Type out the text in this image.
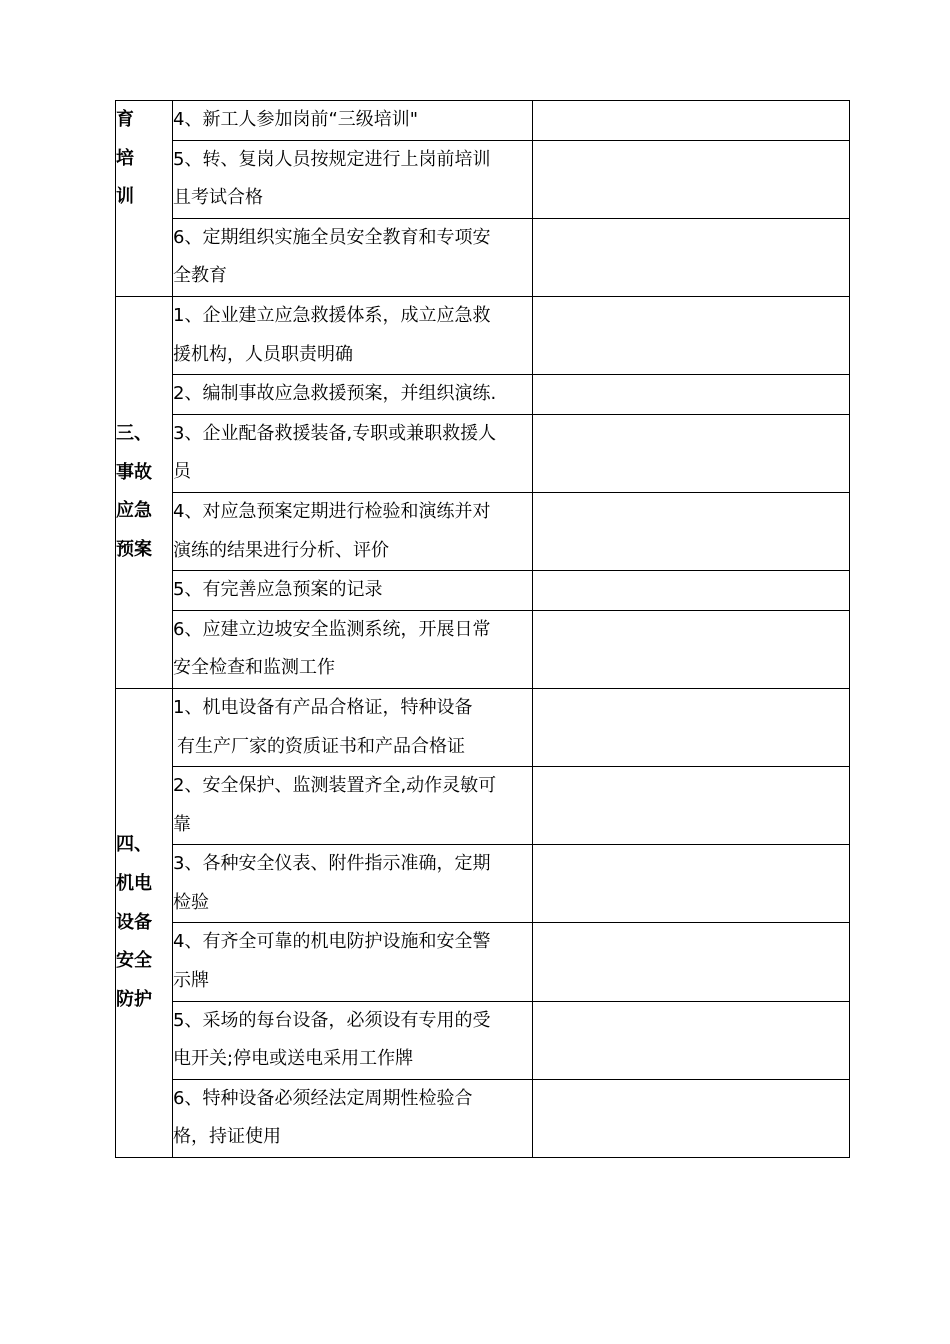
育
培
训	4、新工人参加岗前“三级培训"	

	5、转、复岗人员按规定进行上岗前培训
且考试合格	

	6、定期组织实施全员安全教育和专项安
全教育	

三、
事故
应急
预案	1、企业建立应急救援体系，成立应急救
援机构，人员职责明确	

	2、编制事故应急救援预案，并组织演练.	

	3、企业配备救援装备,专职或兼职救援人
员	

	4、对应急预案定期进行检验和演练并对
演练的结果进行分析、评价	

	5、有完善应急预案的记录	

	6、应建立边坡安全监测系统，开展日常
安全检查和监测工作	

四、
机电
设备
安全
防护	1、机电设备有产品合格证，特种设备
有生产厂家的资质证书和产品合格证	

	2、安全保护、监测装置齐全,动作灵敏可
靠	

	3、各种安全仪表、附件指示准确，定期
检验	

	4、有齐全可靠的机电防护设施和安全警
示牌	

	5、采场的每台设备，必须设有专用的受
电开关;停电或送电采用工作牌	

	6、特种设备必须经法定周期性检验合
格，持证使用	
